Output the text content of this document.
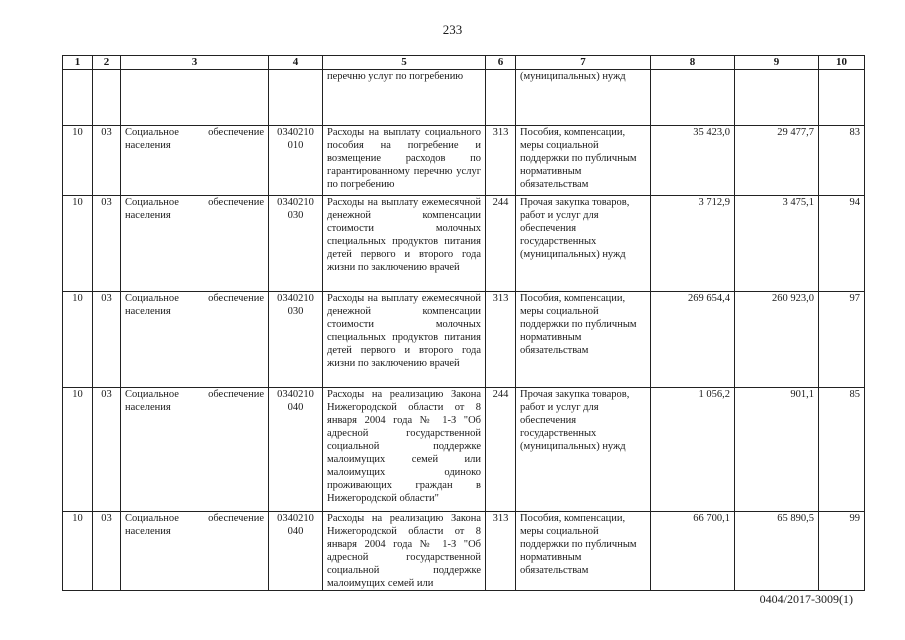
233
1	2	3	4	5	6	7	8	9	10
				перечню услуг по погребению		(муниципальных) нужд			
10	03	Социальное обеспечение населения	0340210 010	Расходы на выплату социального пособия на погребение и возмещение расходов по гарантированному перечню услуг по погребению	313	Пособия, компенсации, меры социальной поддержки по публичным нормативным обязательствам	35 423,0	29 477,7	83
10	03	Социальное обеспечение населения	0340210 030	Расходы на выплату ежемесячной денежной компенсации стоимости молочных специальных продуктов питания детей первого и второго года жизни по заключению врачей	244	Прочая закупка товаров, работ и услуг для обеспечения государственных (муниципальных) нужд	3 712,9	3 475,1	94
10	03	Социальное обеспечение населения	0340210 030	Расходы на выплату ежемесячной денежной компенсации стоимости молочных специальных продуктов питания детей первого и второго года жизни по заключению врачей	313	Пособия, компенсации, меры социальной поддержки по публичным нормативным обязательствам	269 654,4	260 923,0	97
10	03	Социальное обеспечение населения	0340210 040	Расходы на реализацию Закона Нижегородской области от 8 января 2004 года № 1-З "Об адресной государственной социальной поддержке малоимущих семей или малоимущих одиноко проживающих граждан в Нижегородской области"	244	Прочая закупка товаров, работ и услуг для обеспечения государственных (муниципальных) нужд	1 056,2	901,1	85
10	03	Социальное обеспечение населения	0340210 040	Расходы на реализацию Закона Нижегородской области от 8 января 2004 года № 1-З "Об адресной государственной социальной поддержке малоимущих семей или	313	Пособия, компенсации, меры социальной поддержки по публичным нормативным обязательствам	66 700,1	65 890,5	99
0404/2017-3009(1)
